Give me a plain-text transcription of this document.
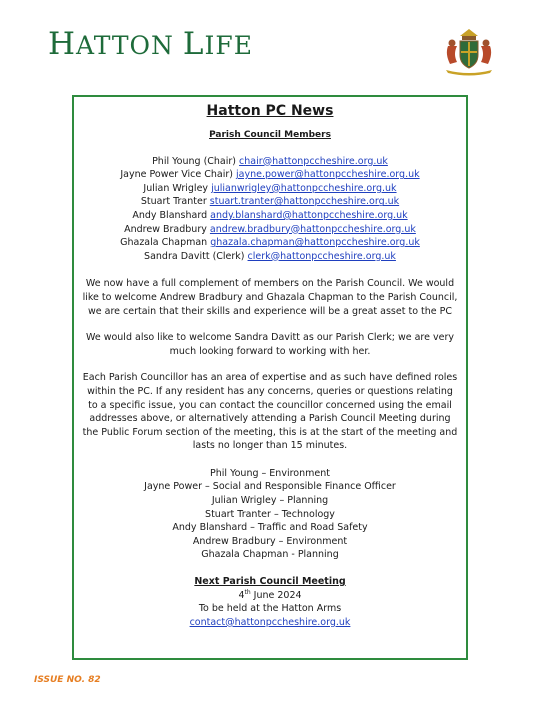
HATTON LIFE
Hatton PC News
Parish Council Members
Phil Young (Chair) chair@hattonpccheshire.org.uk
Jayne Power Vice Chair) jayne.power@hattonpccheshire.org.uk
Julian Wrigley julianwrigley@hattonpccheshire.org.uk
Stuart Tranter stuart.tranter@hattonpccheshire.org.uk
Andy Blanshard andy.blanshard@hattonpccheshire.org.uk
Andrew Bradbury andrew.bradbury@hattonpccheshire.org.uk
Ghazala Chapman ghazala.chapman@hattonpccheshire.org.uk
Sandra Davitt (Clerk) clerk@hattonpccheshire.org.uk
We now have a full complement of members on the Parish Council. We would like to welcome Andrew Bradbury and Ghazala Chapman to the Parish Council, we are certain that their skills and experience will be a great asset to the PC
We would also like to welcome Sandra Davitt as our Parish Clerk; we are very much looking forward to working with her.
Each Parish Councillor has an area of expertise and as such have defined roles within the PC. If any resident has any concerns, queries or questions relating to a specific issue, you can contact the councillor concerned using the email addresses above, or alternatively attending a Parish Council Meeting during the Public Forum section of the meeting, this is at the start of the meeting and lasts no longer than 15 minutes.
Phil Young – Environment
Jayne Power – Social and Responsible Finance Officer
Julian Wrigley – Planning
Stuart Tranter – Technology
Andy Blanshard – Traffic and Road Safety
Andrew Bradbury – Environment
Ghazala Chapman - Planning
Next Parish Council Meeting
4th June 2024
To be held at the Hatton Arms
contact@hattonpccheshire.org.uk
ISSUE NO. 82
